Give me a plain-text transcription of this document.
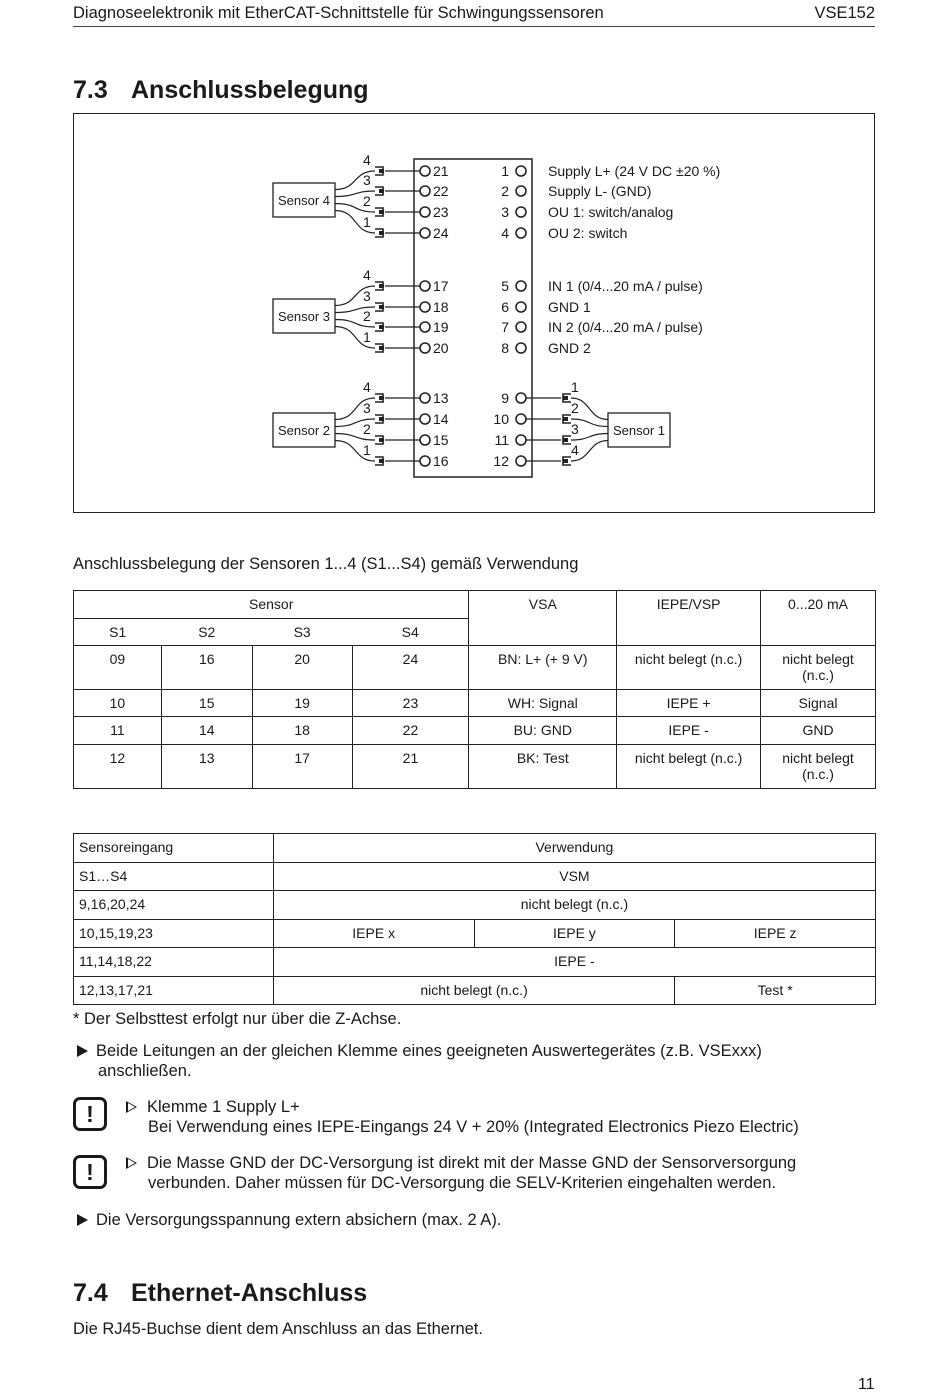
Diagnoseelektronik mit EtherCAT-Schnittstelle für Schwingungssensoren	VSE152
7.3 Anschlussbelegung
21	1
4
22	2
3
23	3
2
24	4
1
17	5
4
18	6
3
19	7
2
20	8
1
13	9
4
14	10
3
15	11
2
16	12
1
1
2
3
4
Supply L+ (24 V DC ±20 %)
Supply L- (GND)
OU 1: switch/analog
OU 2: switch
IN 1 (0/4...20 mA / pulse)
GND 1
IN 2 (0/4...20 mA / pulse)
GND 2
Sensor 4
Sensor 3
Sensor 2	Sensor 1
Anschlussbelegung der Sensoren 1...4 (S1...S4) gemäß Verwendung
Sensor				VSA	IEPE/VSP	0...20 mA
S1	S2	S3	S4			
09	16	20	24	BN: L+ (+ 9 V)	nicht belegt (n.c.)	nicht belegt (n.c.)
10	15	19	23	WH: Signal	IEPE +	Signal
11	14	18	22	BU: GND	IEPE -	GND
12	13	17	21	BK: Test	nicht belegt (n.c.)	nicht belegt (n.c.)
Sensoreingang	Verwendung		
S1…S4	VSM		
9,16,20,24	nicht belegt (n.c.)		
10,15,19,23	IEPE x	IEPE y	IEPE z
11,14,18,22	IEPE -		
12,13,17,21	nicht belegt (n.c.)		Test *
* Der Selbsttest erfolgt nur über die Z-Achse.
Beide Leitungen an der gleichen Klemme eines geeigneten Auswertegerätes (z.B. VSExxx)
anschließen.
!	Klemme 1 Supply L+
Bei Verwendung eines IEPE-Eingangs 24 V + 20% (Integrated Electronics Piezo Electric)
!	Die Masse GND der DC-Versorgung ist direkt mit der Masse GND der Sensorversorgung
verbunden. Daher müssen für DC-Versorgung die SELV-Kriterien eingehalten werden.
Die Versorgungsspannung extern absichern (max. 2 A).
7.4 Ethernet-Anschluss
Die RJ45-Buchse dient dem Anschluss an das Ethernet.
11
